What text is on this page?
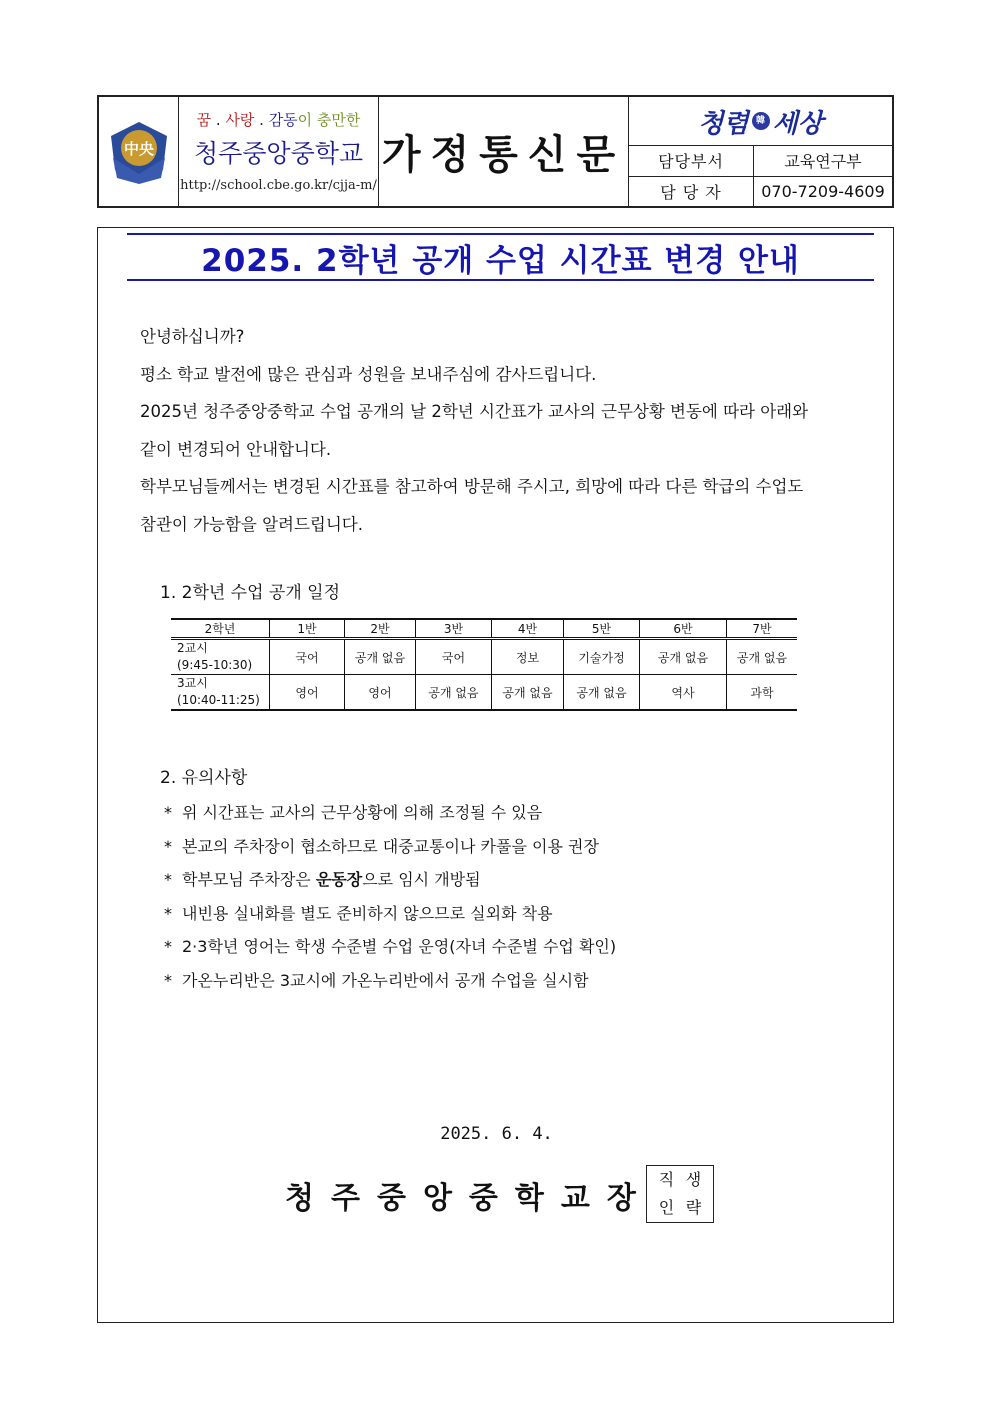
中央
꿈 . 사랑 . 감동이 충만한
청주중앙중학교
http://school.cbe.go.kr/cjja-m/
가정통신문
청렴 韓 세상
담당부서	교육연구부
담 당 자	070-7209-4609
2025. 2학년 공개 수업 시간표 변경 안내

안녕하십니까?

평소 학교 발전에 많은 관심과 성원을 보내주심에 감사드립니다.

2025년 청주중앙중학교 수업 공개의 날 2학년 시간표가 교사의 근무상황 변동에 따라 아래와

같이 변경되어 안내합니다.

학부모님들께서는 변경된 시간표를 참고하여 방문해 주시고, 희망에 따라 다른 학급의 수업도

참관이 가능함을 알려드립니다.

1. 2학년 수업 공개 일정
2학년	1반	2반	3반	4반	5반	6반	7반

2교시
(9:45-10:30)	국어	공개 없음	국어	정보	기술가정	공개 없음	공개 없음

3교시
(10:40-11:25)	영어	영어	공개 없음	공개 없음	공개 없음	역사	과학
2. 유의사항
* 위 시간표는 교사의 근무상황에 의해 조정될 수 있음
* 본교의 주차장이 협소하므로 대중교통이나 카풀을 이용 권장
* 학부모님 주차장은 운동장으로 임시 개방됨
* 내빈용 실내화를 별도 준비하지 않으므로 실외화 착용
* 2·3학년 영어는 학생 수준별 수업 운영(자녀 수준별 수업 확인)
* 가온누리반은 3교시에 가온누리반에서 공개 수업을 실시함
2025. 6. 4.
청주중앙중학교장
직 생
인 략
